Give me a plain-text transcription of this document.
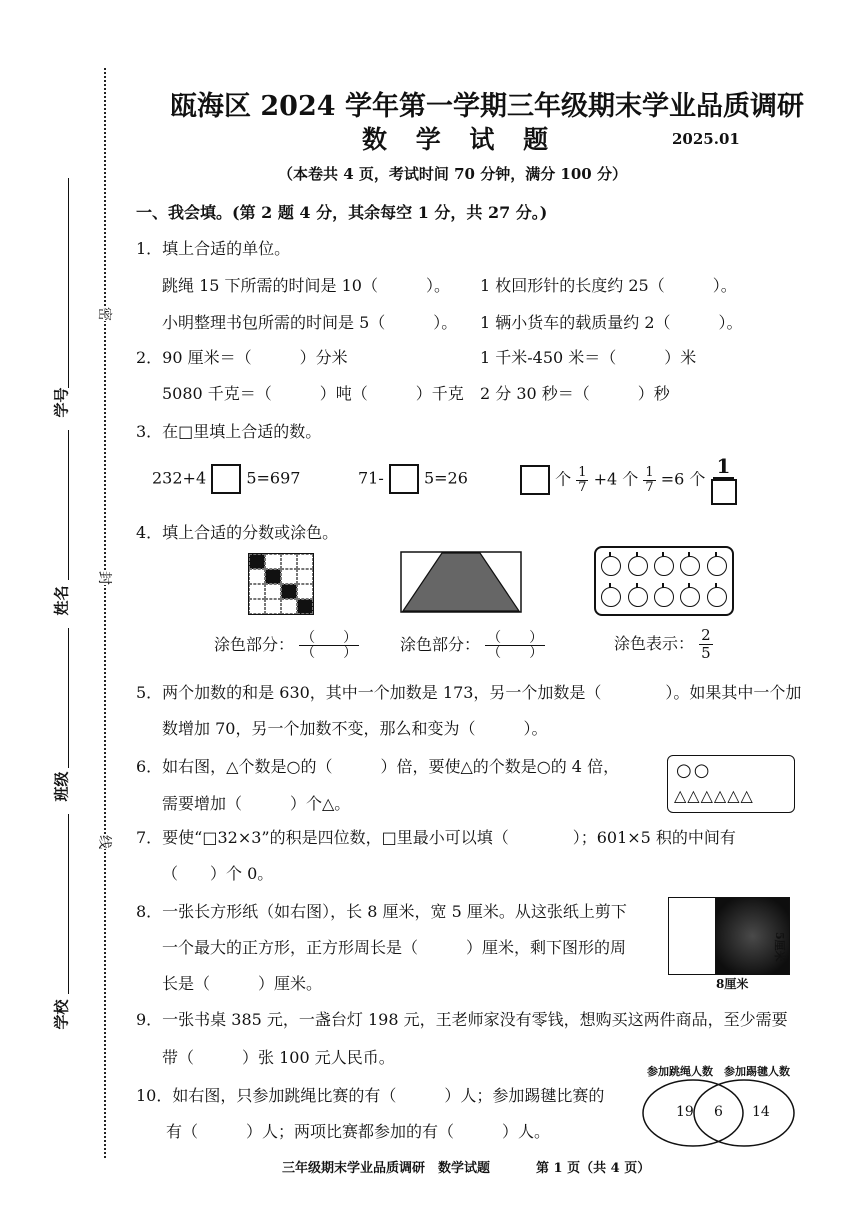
学号
姓名
班级
学校
密
封
线
瓯海区 2024 学年第一学期三年级期末学业品质调研
数 学 试 题	2025.01
（本卷共 4 页，考试时间 70 分钟，满分 100 分）
一、我会填。(第 2 题 4 分，其余每空 1 分，共 27 分。)
1．填上合适的单位。
跳绳 15 下所需的时间是 10（　　　）。 1 枚回形针的长度约 25（　　　）。
小明整理书包所需的时间是 5（　　　）。 1 辆小货车的载质量约 2（　　　）。
2．90 厘米＝（　　　）分米	1 千米-450 米＝（　　　）米
5080 千克＝（　　　）吨（　　　）千克 2 分 30 秒＝（　　　）秒
3．在□里填上合适的数。
232+4	5=697	71-	5=26	个 $\frac{1}{7} +4$ 个 $\frac{1}{7} =6$ 个
1
4．填上合适的分数或涂色。
涂色部分： $\frac{( )}{( )}$	涂色部分： $\frac{( )}{( )}$	涂色表示： $\frac{2}{5}$
5．两个加数的和是 630，其中一个加数是 173，另一个加数是（　　　　）。如果其中一个加
数增加 70，另一个加数不变，那么和变为（　　　）。
6．如右图，△个数是○的（　　　）倍，要使△的个数是○的 4 倍，
需要增加（　　　）个△。
○○
△△△△△△
7．要使“□32×3”的积是四位数，□里最小可以填（　　　　）；601×5 积的中间有
（　　）个 0。
8．一张长方形纸（如右图），长 8 厘米，宽 5 厘米。从这张纸上剪下
一个最大的正方形，正方形周长是（　　　）厘米，剩下图形的周
长是（　　　）厘米。
5厘米
8厘米
9．一张书桌 385 元，一盏台灯 198 元，王老师家没有零钱，想购买这两件商品，至少需要
带（　　　）张 100 元人民币。
10．如右图，只参加跳绳比赛的有（　　　）人；参加踢毽比赛的
有（　　　）人；两项比赛都参加的有（　　　）人。
参加跳绳人数 参加踢毽人数
19 6 14
三年级期末学业品质调研　数学试题	第 1 页（共 4 页）
